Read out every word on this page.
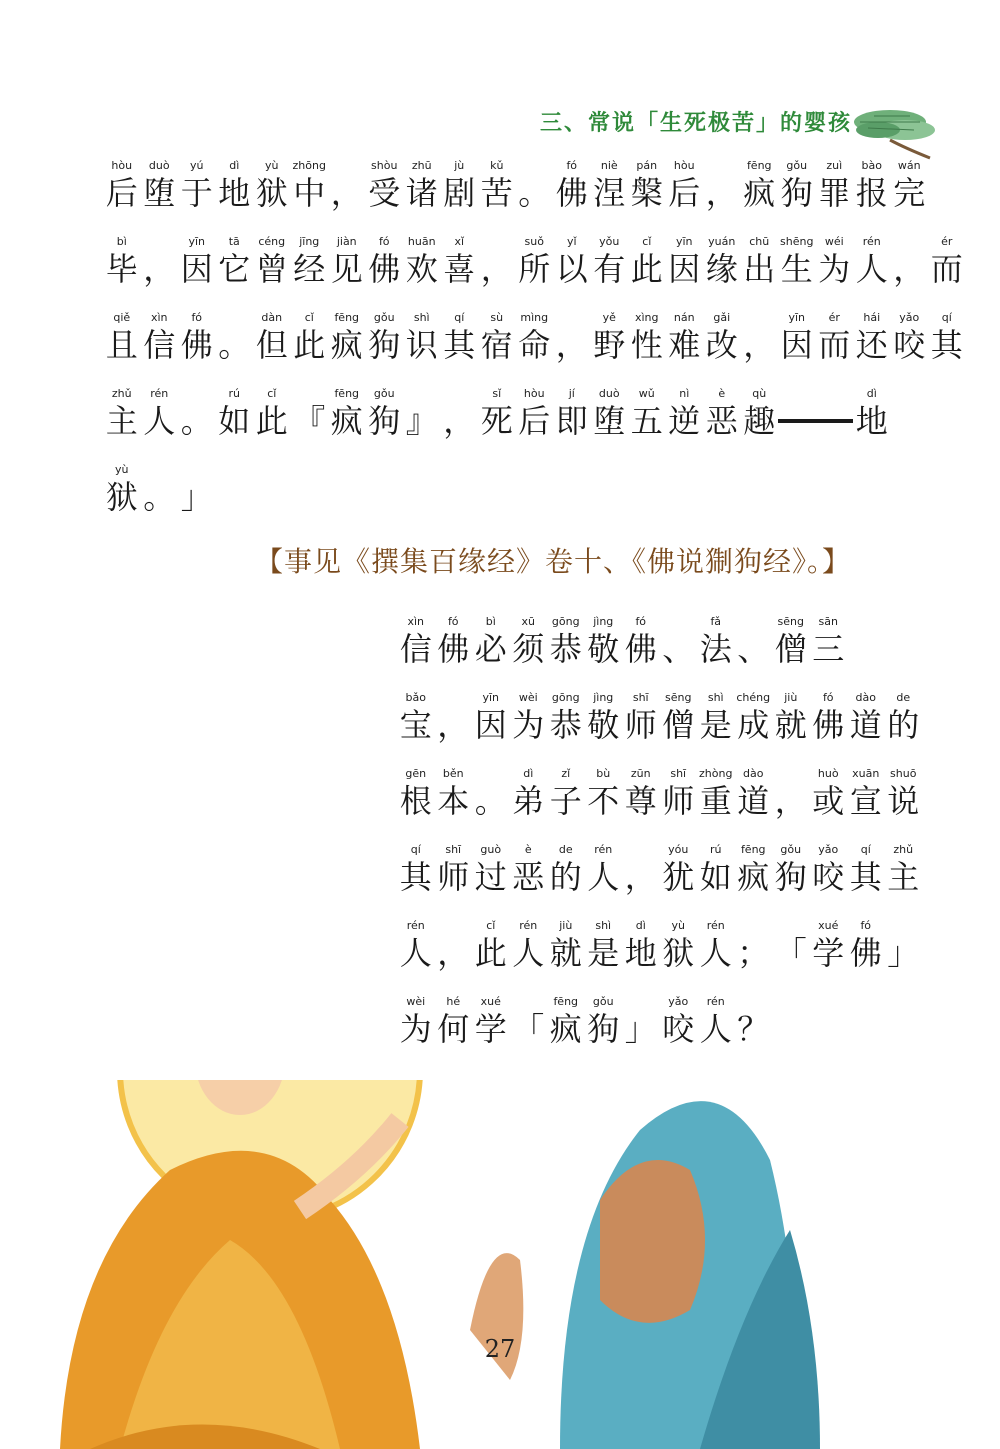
三、常说「生死极苦」的婴孩
hòu
后
duò
堕
yú
于
dì
地
yù
狱
zhōng
中 ，
shòu
受
zhū
诸
jù
剧
kǔ
苦 。
fó
佛
niè
涅
pán
槃
hòu
后 ，
fēng
疯
gǒu
狗
zuì
罪
bào
报
wán
完
bì
毕 ，
yīn
因
tā
它
céng
曾
jīng
经
jiàn
见
fó
佛
huān
欢
xǐ
喜 ，
suǒ
所
yǐ
以
yǒu
有
cǐ
此
yīn
因
yuán
缘
chū
出
shēng
生
wéi
为
rén
人 ，
ér
而
qiě
且
xìn
信
fó
佛 。
dàn
但
cǐ
此
fēng
疯
gǒu
狗
shì
识
qí
其
sù
宿
mìng
命 ，
yě
野
xìng
性
nán
难
gǎi
改 ，
yīn
因
ér
而
hái
还
yǎo
咬
qí
其
zhǔ
主
rén
人 。
rú
如
cǐ
此 『
fēng
疯
gǒu
狗 』 ，
sǐ
死
hòu
后
jí
即
duò
堕
wǔ
五
nì
逆
è
恶
qù
趣
dì
地
yù
狱 。 」
【事见《撰集百缘经》卷十、《佛说猘狗经》。】
xìn
信
fó
佛
bì
必
xū
须
gōng
恭
jìng
敬
fó
佛 、
fǎ
法 、
sēng
僧
sān
三
bǎo
宝 ，
yīn
因
wèi
为
gōng
恭
jìng
敬
shī
师
sēng
僧
shì
是
chéng
成
jiù
就
fó
佛
dào
道
de
的
gēn
根
běn
本 。
dì
弟
zǐ
子
bù
不
zūn
尊
shī
师
zhòng
重
dào
道 ，
huò
或
xuān
宣
shuō
说
qí
其
shī
师
guò
过
è
恶
de
的
rén
人 ，
yóu
犹
rú
如
fēng
疯
gǒu
狗
yǎo
咬
qí
其
zhǔ
主
rén
人 ，
cǐ
此
rén
人
jiù
就
shì
是
dì
地
yù
狱
rén
人 ； 「
xué
学
fó
佛 」
wèi
为
hé
何
xué
学 「
fēng
疯
gǒu
狗 」
yǎo
咬
rén
人 ？
27
